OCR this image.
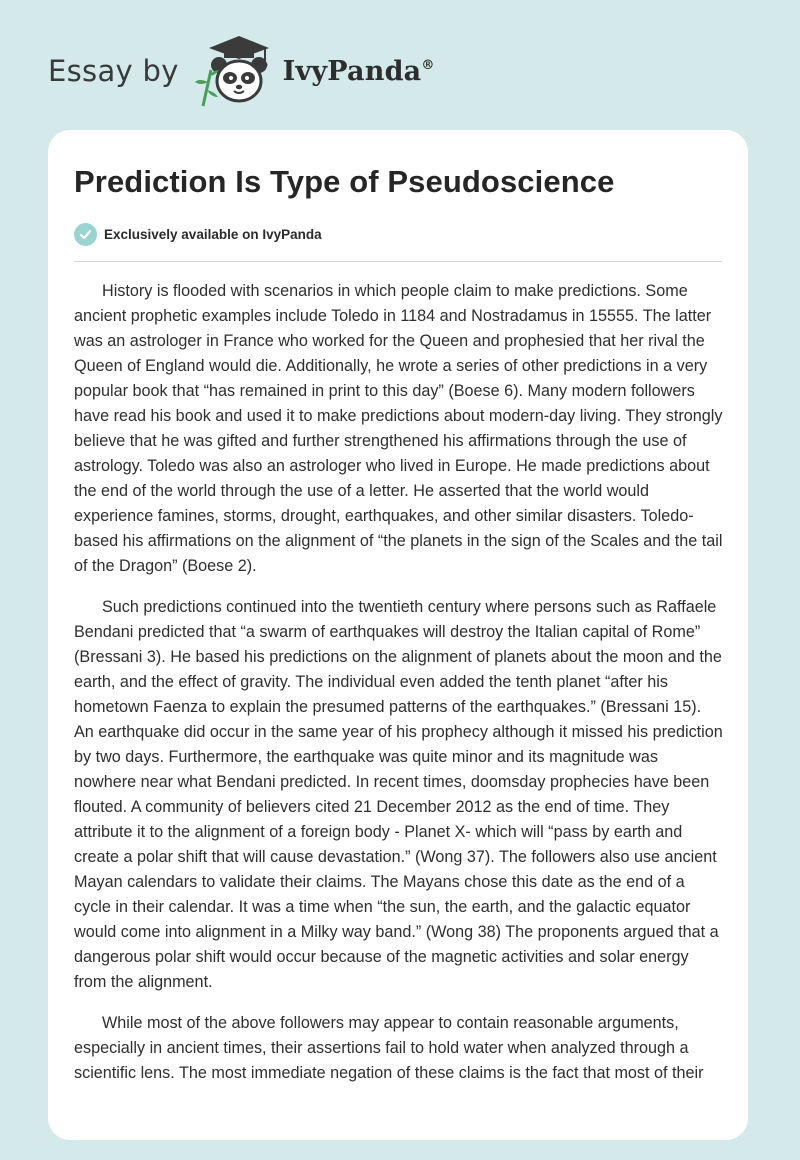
Essay by	IvyPanda®
Prediction Is Type of Pseudoscience
Exclusively available on IvyPanda

History is flooded with scenarios in which people claim to make predictions. Some ancient prophetic examples include Toledo in 1184 and Nostradamus in 15555. The latter was an astrologer in France who worked for the Queen and prophesied that her rival the Queen of England would die. Additionally, he wrote a series of other predictions in a very popular book that “has remained in print to this day” (Boese 6). Many modern followers have read his book and used it to make predictions about modern-day living. They strongly believe that he was gifted and further strengthened his affirmations through the use of astrology. Toledo was also an astrologer who lived in Europe. He made predictions about the end of the world through the use of a letter. He asserted that the world would experience famines, storms, drought, earthquakes, and other similar disasters. Toledo-based his affirmations on the alignment of “the planets in the sign of the Scales and the tail of the Dragon” (Boese 2).

Such predictions continued into the twentieth century where persons such as Raffaele Bendani predicted that “a swarm of earthquakes will destroy the Italian capital of Rome” (Bressani 3). He based his predictions on the alignment of planets about the moon and the earth, and the effect of gravity. The individual even added the tenth planet “after his hometown Faenza to explain the presumed patterns of the earthquakes.” (Bressani 15). An earthquake did occur in the same year of his prophecy although it missed his prediction by two days. Furthermore, the earthquake was quite minor and its magnitude was nowhere near what Bendani predicted. In recent times, doomsday prophecies have been flouted. A community of believers cited 21 December 2012 as the end of time. They attribute it to the alignment of a foreign body - Planet X- which will “pass by earth and create a polar shift that will cause devastation.” (Wong 37). The followers also use ancient Mayan calendars to validate their claims. The Mayans chose this date as the end of a cycle in their calendar. It was a time when “the sun, the earth, and the galactic equator would come into alignment in a Milky way band.” (Wong 38) The proponents argued that a dangerous polar shift would occur because of the magnetic activities and solar energy from the alignment.

While most of the above followers may appear to contain reasonable arguments, especially in ancient times, their assertions fail to hold water when analyzed through a scientific lens. The most immediate negation of these claims is the fact that most of their
